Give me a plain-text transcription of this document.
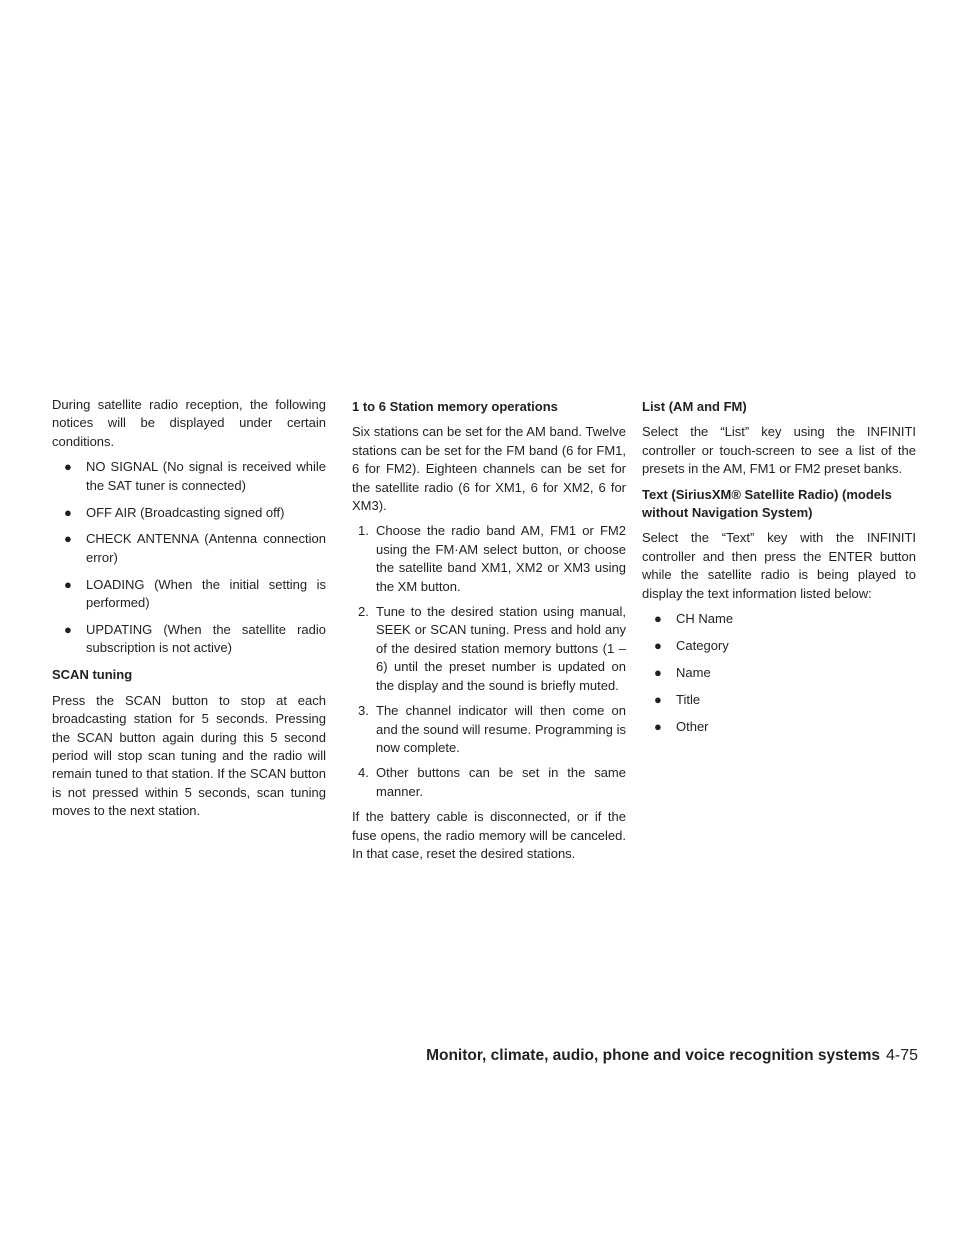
During satellite radio reception, the following notices will be displayed under certain conditions.

● NO SIGNAL (No signal is received while the SAT tuner is connected)
● OFF AIR (Broadcasting signed off)
● CHECK ANTENNA (Antenna connection error)
● LOADING (When the initial setting is performed)
● UPDATING (When the satellite radio subscription is not active)
SCAN tuning

Press the SCAN button to stop at each broadcasting station for 5 seconds. Pressing the SCAN button again during this 5 second period will stop scan tuning and the radio will remain tuned to that station. If the SCAN button is not pressed within 5 seconds, scan tuning moves to the next station.

1 to 6 Station memory operations

Six stations can be set for the AM band. Twelve stations can be set for the FM band (6 for FM1, 6 for FM2). Eighteen channels can be set for the satellite radio (6 for XM1, 6 for XM2, 6 for XM3).

1. Choose the radio band AM, FM1 or FM2 using the FM·AM select button, or choose the satellite band XM1, XM2 or XM3 using the XM button.
2. Tune to the desired station using manual, SEEK or SCAN tuning. Press and hold any of the desired station memory buttons (1 – 6) until the preset number is updated on the display and the sound is briefly muted.
3. The channel indicator will then come on and the sound will resume. Programming is now complete.
4. Other buttons can be set in the same manner.

If the battery cable is disconnected, or if the fuse opens, the radio memory will be canceled. In that case, reset the desired stations.

List (AM and FM)

Select the “List” key using the INFINITI controller or touch-screen to see a list of the presets in the AM, FM1 or FM2 preset banks.

Text (SiriusXM® Satellite Radio) (models without Navigation System)

Select the “Text” key with the INFINITI controller and then press the ENTER button while the satellite radio is being played to display the text information listed below:

● CH Name
● Category
● Name
● Title
● Other
Monitor, climate, audio, phone and voice recognition systems 4-75
